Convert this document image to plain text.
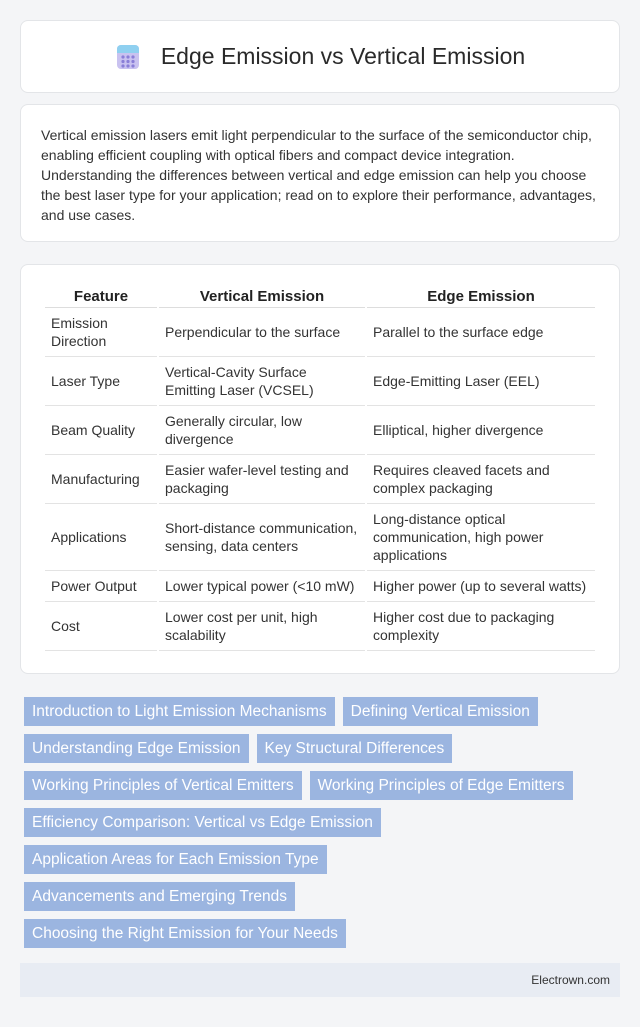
Edge Emission vs Vertical Emission

Vertical emission lasers emit light perpendicular to the surface of the semiconductor chip, enabling efficient coupling with optical fibers and compact device integration. Understanding the differences between vertical and edge emission can help you choose the best laser type for your application; read on to explore their performance, advantages, and use cases.

Feature	Vertical Emission	Edge Emission
Emission Direction	Perpendicular to the surface	Parallel to the surface edge
Laser Type	Vertical-Cavity Surface Emitting Laser (VCSEL)	Edge-Emitting Laser (EEL)
Beam Quality	Generally circular, low divergence	Elliptical, higher divergence
Manufacturing	Easier wafer-level testing and packaging	Requires cleaved facets and complex packaging
Applications	Short-distance communication, sensing, data centers	Long-distance optical communication, high power applications
Power Output	Lower typical power (<10 mW)	Higher power (up to several watts)
Cost	Lower cost per unit, high scalability	Higher cost due to packaging complexity
Introduction to Light Emission Mechanisms	Defining Vertical Emission
Understanding Edge Emission	Key Structural Differences
Working Principles of Vertical Emitters	Working Principles of Edge Emitters
Efficiency Comparison: Vertical vs Edge Emission
Application Areas for Each Emission Type
Advancements and Emerging Trends
Choosing the Right Emission for Your Needs
Electrown.com
